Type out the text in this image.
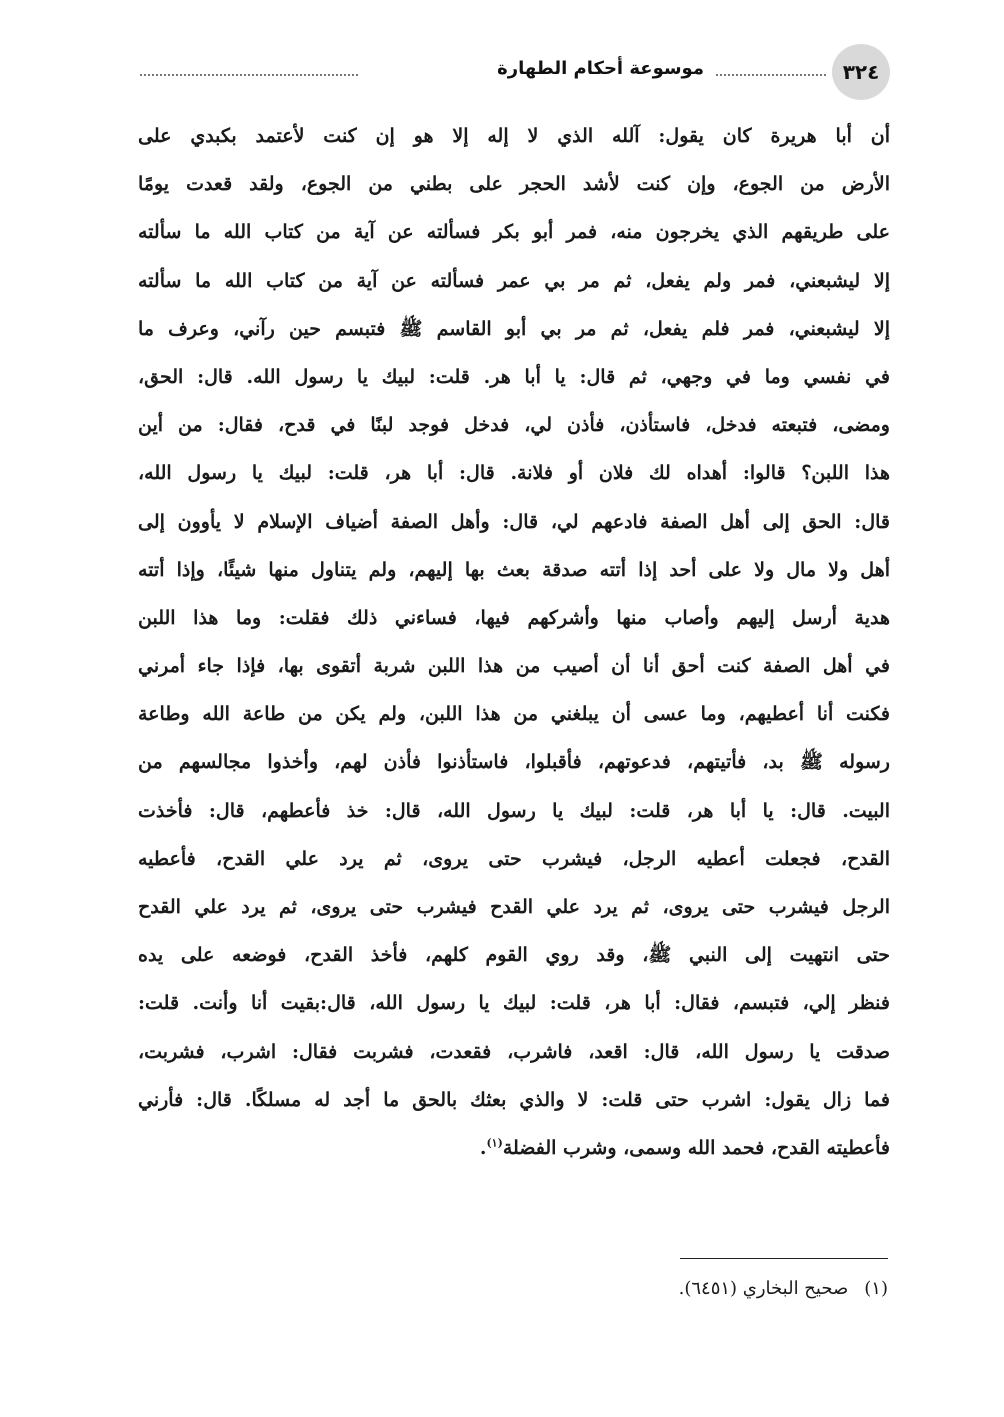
٣٢٤
موسوعة أحكام الطهارة
أن أبا هريرة كان يقول: آلله الذي لا إله إلا هو إن كنت لأعتمد بكبدي على
الأرض من الجوع، وإن كنت لأشد الحجر على بطني من الجوع، ولقد قعدت يومًا
على طريقهم الذي يخرجون منه، فمر أبو بكر فسألته عن آية من كتاب الله ما سألته
إلا ليشبعني، فمر ولم يفعل، ثم مر بي عمر فسألته عن آية من كتاب الله ما سألته
إلا ليشبعني، فمر فلم يفعل، ثم مر بي أبو القاسم ﷺ فتبسم حين رآني، وعرف ما
في نفسي وما في وجهي، ثم قال: يا أبا هر. قلت: لبيك يا رسول الله. قال: الحق،
ومضى، فتبعته فدخل، فاستأذن، فأذن لي، فدخل فوجد لبنًا في قدح، فقال: من أين
هذا اللبن؟ قالوا: أهداه لك فلان أو فلانة. قال: أبا هر، قلت: لبيك يا رسول الله،
قال: الحق إلى أهل الصفة فادعهم لي، قال: وأهل الصفة أضياف الإسلام لا يأوون إلى
أهل ولا مال ولا على أحد إذا أتته صدقة بعث بها إليهم، ولم يتناول منها شيئًا، وإذا أتته
هدية أرسل إليهم وأصاب منها وأشركهم فيها، فساءني ذلك فقلت: وما هذا اللبن
في أهل الصفة كنت أحق أنا أن أصيب من هذا اللبن شربة أتقوى بها، فإذا جاء أمرني
فكنت أنا أعطيهم، وما عسى أن يبلغني من هذا اللبن، ولم يكن من طاعة الله وطاعة
رسوله ﷺ بد، فأتيتهم، فدعوتهم، فأقبلوا، فاستأذنوا فأذن لهم، وأخذوا مجالسهم من
البيت. قال: يا أبا هر، قلت: لبيك يا رسول الله، قال: خذ فأعطهم، قال: فأخذت
القدح، فجعلت أعطيه الرجل، فيشرب حتى يروى، ثم يرد علي القدح، فأعطيه
الرجل فيشرب حتى يروى، ثم يرد علي القدح فيشرب حتى يروى، ثم يرد علي القدح
حتى انتهيت إلى النبي ﷺ، وقد روي القوم كلهم، فأخذ القدح، فوضعه على يده
فنظر إلي، فتبسم، فقال: أبا هر، قلت: لبيك يا رسول الله، قال:بقيت أنا وأنت. قلت:
صدقت يا رسول الله، قال: اقعد، فاشرب، فقعدت، فشربت فقال: اشرب، فشربت،
فما زال يقول: اشرب حتى قلت: لا والذي بعثك بالحق ما أجد له مسلكًا. قال: فأرني
فأعطيته القدح، فحمد الله وسمى، وشرب الفضلة$^{(١)}$.
(١)صحيح البخاري (٦٤٥١).
